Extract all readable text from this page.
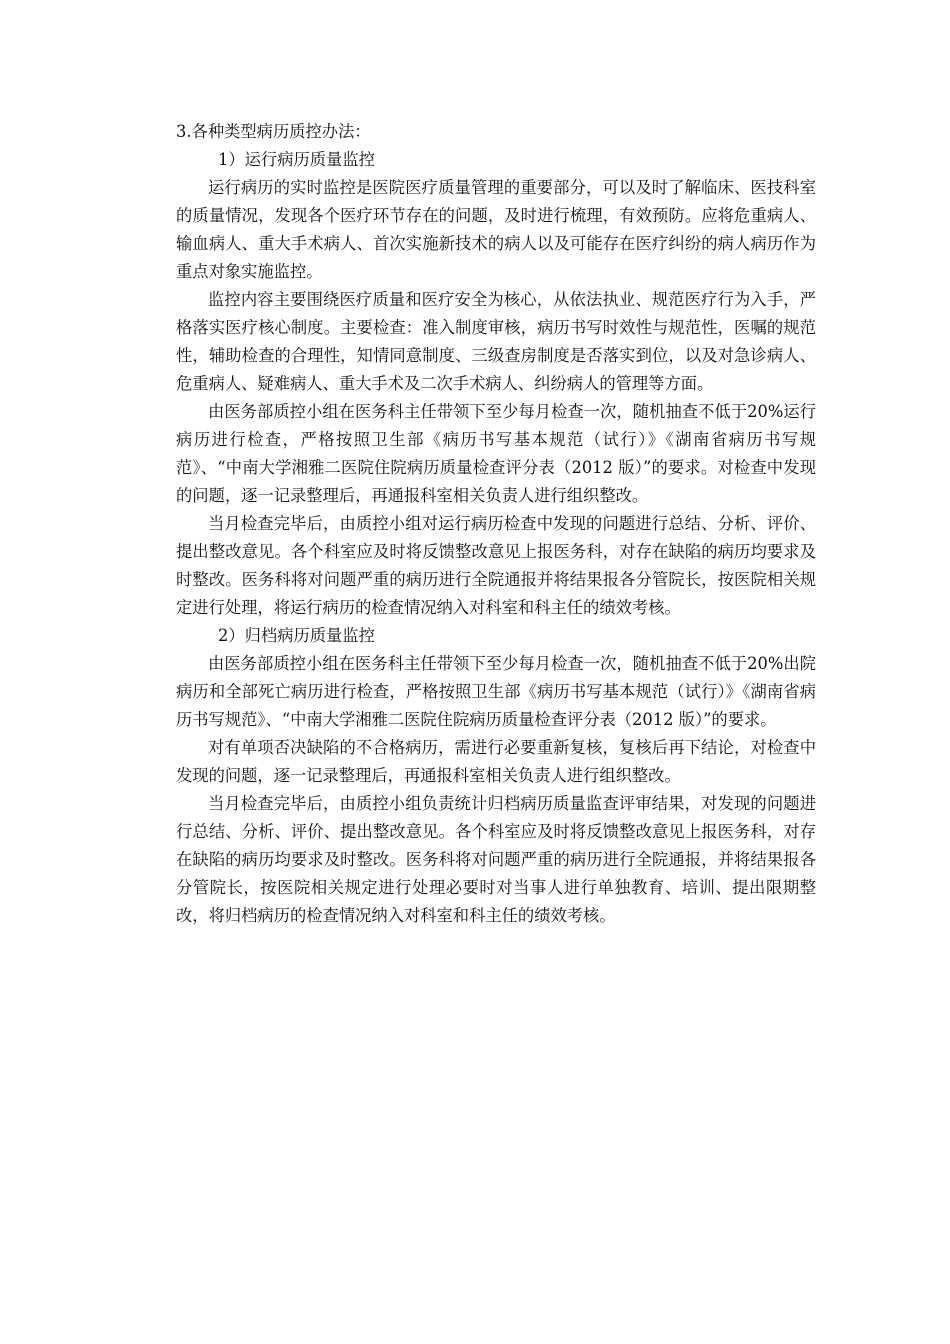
3.各种类型病历质控办法：

1）运行病历质量监控

运行病历的实时监控是医院医疗质量管理的重要部分，可以及时了解临床、医技科室的质量情况，发现各个医疗环节存在的问题，及时进行梳理，有效预防。应将危重病人、输血病人、重大手术病人、首次实施新技术的病人以及可能存在医疗纠纷的病人病历作为重点对象实施监控。

监控内容主要围绕医疗质量和医疗安全为核心，从依法执业、规范医疗行为入手，严格落实医疗核心制度。主要检查：准入制度审核，病历书写时效性与规范性，医嘱的规范性，辅助检查的合理性，知情同意制度、三级查房制度是否落实到位，以及对急诊病人、危重病人、疑难病人、重大手术及二次手术病人、纠纷病人的管理等方面。

由医务部质控小组在医务科主任带领下至少每月检查一次，随机抽查不低于20%运行病历进行检查，严格按照卫生部《病历书写基本规范（试行）》《湖南省病历书写规范》、“中南大学湘雅二医院住院病历质量检查评分表（2012 版）”的要求。对检查中发现的问题，逐一记录整理后，再通报科室相关负责人进行组织整改。

当月检查完毕后，由质控小组对运行病历检查中发现的问题进行总结、分析、评价、提出整改意见。各个科室应及时将反馈整改意见上报医务科，对存在缺陷的病历均要求及时整改。医务科将对问题严重的病历进行全院通报并将结果报各分管院长，按医院相关规定进行处理，将运行病历的检查情况纳入对科室和科主任的绩效考核。

2）归档病历质量监控

由医务部质控小组在医务科主任带领下至少每月检查一次，随机抽查不低于20%出院病历和全部死亡病历进行检查，严格按照卫生部《病历书写基本规范（试行）》《湖南省病历书写规范》、“中南大学湘雅二医院住院病历质量检查评分表（2012 版）”的要求。

对有单项否决缺陷的不合格病历，需进行必要重新复核，复核后再下结论，对检查中发现的问题，逐一记录整理后，再通报科室相关负责人进行组织整改。

当月检查完毕后，由质控小组负责统计归档病历质量监查评审结果，对发现的问题进行总结、分析、评价、提出整改意见。各个科室应及时将反馈整改意见上报医务科，对存在缺陷的病历均要求及时整改。医务科将对问题严重的病历进行全院通报，并将结果报各分管院长，按医院相关规定进行处理必要时对当事人进行单独教育、培训、提出限期整改，将归档病历的检查情况纳入对科室和科主任的绩效考核。
